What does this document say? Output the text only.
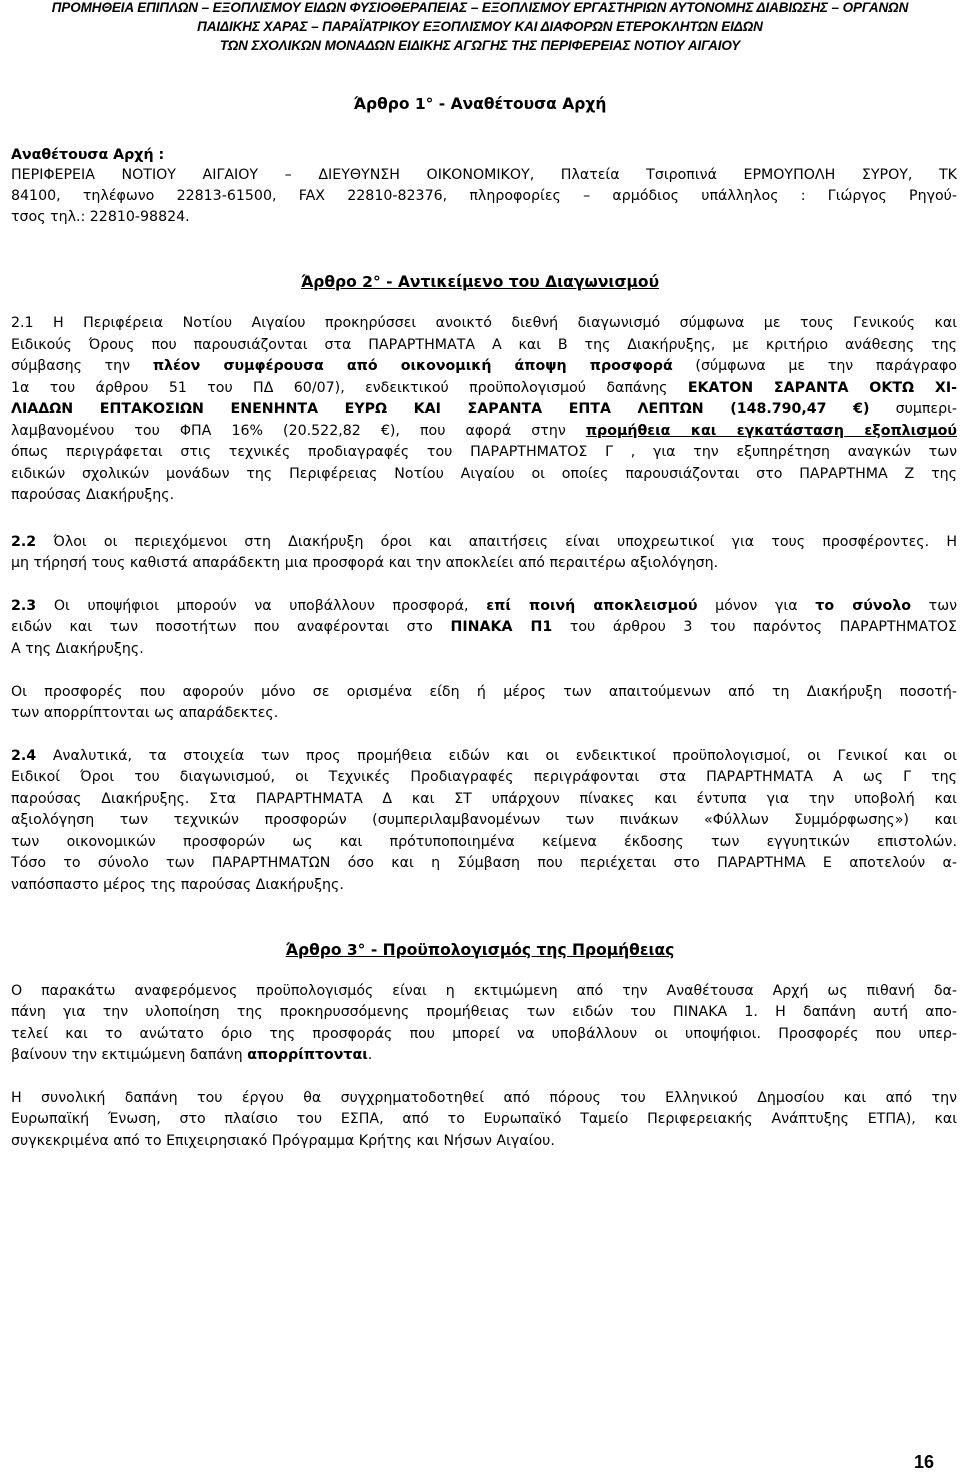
ΠΡΟΜΗΘΕΙΑ ΕΠΙΠΛΩΝ – ΕΞΟΠΛΙΣΜΟΥ ΕΙΔΩΝ ΦΥΣΙΟΘΕΡΑΠΕΙΑΣ – ΕΞΟΠΛΙΣΜΟΥ ΕΡΓΑΣΤΗΡΙΩΝ ΑΥΤΟΝΟΜΗΣ ΔΙΑΒΙΩΣΗΣ – ΟΡΓΑΝΩΝ
ΠΑΙΔΙΚΗΣ ΧΑΡΑΣ – ΠΑΡΑΪΑΤΡΙΚΟΥ ΕΞΟΠΛΙΣΜΟΥ ΚΑΙ ΔΙΑΦΟΡΩΝ ΕΤΕΡΟΚΛΗΤΩΝ ΕΙΔΩΝ
ΤΩΝ ΣΧΟΛΙΚΩΝ ΜΟΝΑΔΩΝ ΕΙΔΙΚΗΣ ΑΓΩΓΗΣ ΤΗΣ ΠΕΡΙΦΕΡΕΙΑΣ ΝΟΤΙΟΥ ΑΙΓΑΙΟΥ
Άρθρο 1° - Αναθέτουσα Αρχή
Αναθέτουσα Αρχή :
ΠΕΡΙΦΕΡΕΙΑ ΝΟΤΙΟΥ ΑΙΓΑΙΟΥ – ΔΙΕΥΘΥΝΣΗ ΟΙΚΟΝΟΜΙΚΟΥ, Πλατεία Τσιροπινά ΕΡΜΟΥΠΟΛΗ ΣΥΡΟΥ, ΤΚ
84100, τηλέφωνο 22813-61500, FAX 22810-82376, πληροφορίες – αρμόδιος υπάλληλος : Γιώργος Ρηγού-
τσος τηλ.: 22810-98824.
Άρθρο 2° - Αντικείμενο του Διαγωνισμού
2.1 Η Περιφέρεια Νοτίου Αιγαίου προκηρύσσει ανοικτό διεθνή διαγωνισμό σύμφωνα με τους Γενικούς και
Ειδικούς Όρους που παρουσιάζονται στα ΠΑΡΑΡΤΗΜΑΤΑ Α και Β της Διακήρυξης, με κριτήριο ανάθεσης της
σύμβασης την πλέον συμφέρουσα από οικονομική άποψη προσφορά (σύμφωνα με την παράγραφο
1α του άρθρου 51 του ΠΔ 60/07), ενδεικτικού προϋπολογισμού δαπάνης ΕΚΑΤΟΝ ΣΑΡΑΝΤΑ ΟΚΤΩ ΧΙ-
ΛΙΑΔΩΝ ΕΠΤΑΚΟΣΙΩΝ ΕΝΕΝΗΝΤΑ ΕΥΡΩ ΚΑΙ ΣΑΡΑΝΤΑ ΕΠΤΑ ΛΕΠΤΩΝ (148.790,47 €) συμπερι-
λαμβανομένου του ΦΠΑ 16% (20.522,82 €), που αφορά στην προμήθεια και εγκατάσταση εξοπλισμού
όπως περιγράφεται στις τεχνικές προδιαγραφές του ΠΑΡΑΡΤΗΜΑΤΟΣ Γ , για την εξυπηρέτηση αναγκών των
ειδικών σχολικών μονάδων της Περιφέρειας Νοτίου Αιγαίου οι οποίες παρουσιάζονται στο ΠΑΡΑΡΤΗΜΑ Ζ της
παρούσας Διακήρυξης.
2.2 Όλοι οι περιεχόμενοι στη Διακήρυξη όροι και απαιτήσεις είναι υποχρεωτικοί για τους προσφέροντες. Η
μη τήρησή τους καθιστά απαράδεκτη μια προσφορά και την αποκλείει από περαιτέρω αξιολόγηση.
2.3 Οι υποψήφιοι μπορούν να υποβάλλουν προσφορά, επί ποινή αποκλεισμού μόνον για το σύνολο των
ειδών και των ποσοτήτων που αναφέρονται στο ΠΙΝΑΚΑ Π1 του άρθρου 3 του παρόντος ΠΑΡΑΡΤΗΜΑΤΟΣ
Α της Διακήρυξης.
Οι προσφορές που αφορούν μόνο σε ορισμένα είδη ή μέρος των απαιτούμενων από τη Διακήρυξη ποσοτή-
των απορρίπτονται ως απαράδεκτες.
2.4 Αναλυτικά, τα στοιχεία των προς προμήθεια ειδών και οι ενδεικτικοί προϋπολογισμοί, οι Γενικοί και οι
Ειδικοί Όροι του διαγωνισμού, οι Τεχνικές Προδιαγραφές περιγράφονται στα ΠΑΡΑΡΤΗΜΑΤΑ Α ως Γ της
παρούσας Διακήρυξης. Στα ΠΑΡΑΡΤΗΜΑΤΑ Δ και ΣΤ υπάρχουν πίνακες και έντυπα για την υποβολή και
αξιολόγηση των τεχνικών προσφορών (συμπεριλαμβανομένων των πινάκων «Φύλλων Συμμόρφωσης») και
των οικονομικών προσφορών ως και πρότυποποιημένα κείμενα έκδοσης των εγγυητικών επιστολών.
Τόσο το σύνολο των ΠΑΡΑΡΤΗΜΑΤΩΝ όσο και η Σύμβαση που περιέχεται στο ΠΑΡΑΡΤΗΜΑ Ε αποτελούν α-
ναπόσπαστο μέρος της παρούσας Διακήρυξης.
Άρθρο 3° - Προϋπολογισμός της Προμήθειας
Ο παρακάτω αναφερόμενος προϋπολογισμός είναι η εκτιμώμενη από την Αναθέτουσα Αρχή ως πιθανή δα-
πάνη για την υλοποίηση της προκηρυσσόμενης προμήθειας των ειδών του ΠΙΝΑΚΑ 1. Η δαπάνη αυτή απο-
τελεί και το ανώτατο όριο της προσφοράς που μπορεί να υποβάλλουν οι υποψήφιοι. Προσφορές που υπερ-
βαίνουν την εκτιμώμενη δαπάνη απορρίπτονται.
Η συνολική δαπάνη του έργου θα συγχρηματοδοτηθεί από πόρους του Ελληνικού Δημοσίου και από την
Ευρωπαϊκή Ένωση, στο πλαίσιο του ΕΣΠΑ, από το Ευρωπαϊκό Ταμείο Περιφερειακής Ανάπτυξης ΕΤΠΑ), και
συγκεκριμένα από το Επιχειρησιακό Πρόγραμμα Κρήτης και Νήσων Αιγαίου.
16
